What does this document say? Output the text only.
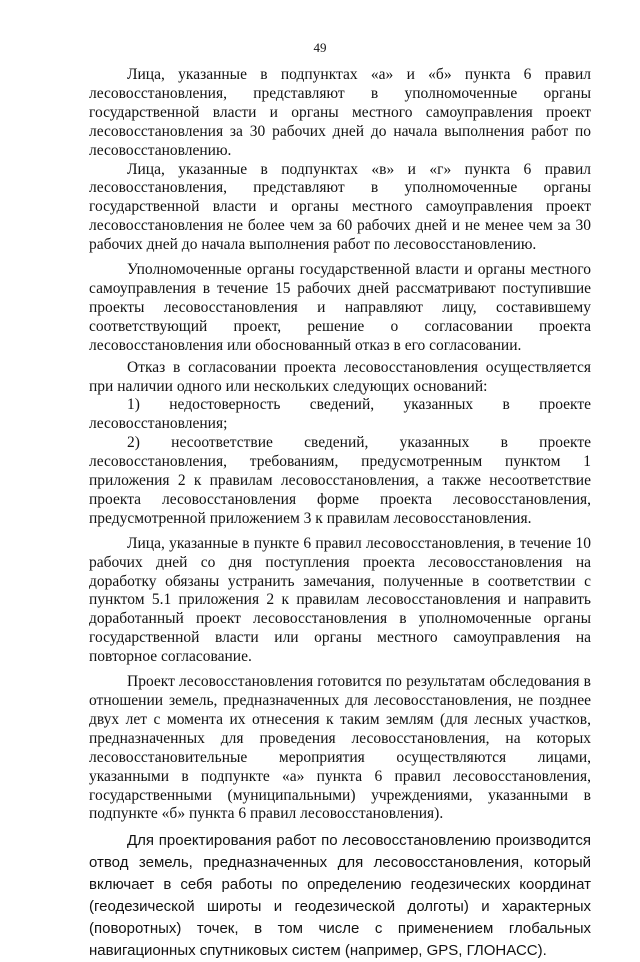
49

Лица, указанные в подпунктах «а» и «б» пункта 6 правил лесовосстановления, представляют в уполномоченные органы государственной власти и органы местного самоуправления проект лесовосстановления за 30 рабочих дней до начала выполнения работ по лесовосстановлению.

Лица, указанные в подпунктах «в» и «г» пункта 6 правил лесовосстановления, представляют в уполномоченные органы государственной власти и органы местного самоуправления проект лесовосстановления не более чем за 60 рабочих дней и не менее чем за 30 рабочих дней до начала выполнения работ по лесовосстановлению.

Уполномоченные органы государственной власти и органы местного самоуправления в течение 15 рабочих дней рассматривают поступившие проекты лесовосстановления и направляют лицу, составившему соответствующий проект, решение о согласовании проекта лесовосстановления или обоснованный отказ в его согласовании.

Отказ в согласовании проекта лесовосстановления осуществляется при наличии одного или нескольких следующих оснований:

1) недостоверность сведений, указанных в проекте лесовосстановления;

2) несоответствие сведений, указанных в проекте лесовосстановления, требованиям, предусмотренным пунктом 1 приложения 2 к правилам лесовосстановления, а также несоответствие проекта лесовосстановления форме проекта лесовосстановления, предусмотренной приложением 3 к правилам лесовосстановления.

Лица, указанные в пункте 6 правил лесовосстановления, в течение 10 рабочих дней со дня поступления проекта лесовосстановления на доработку обязаны устранить замечания, полученные в соответствии с пунктом 5.1 приложения 2 к правилам лесовосстановления и направить доработанный проект лесовосстановления в уполномоченные органы государственной власти или органы местного самоуправления на повторное согласование.

Проект лесовосстановления готовится по результатам обследования в отношении земель, предназначенных для лесовосстановления, не позднее двух лет с момента их отнесения к таким землям (для лесных участков, предназначенных для проведения лесовосстановления, на которых лесовосстановительные мероприятия осуществляются лицами, указанными в подпункте «а» пункта 6 правил лесовосстановления, государственными (муниципальными) учреждениями, указанными в подпункте «б» пункта 6 правил лесовосстановления).

Для проектирования работ по лесовосстановлению производится отвод земель, предназначенных для лесовосстановления, который включает в себя работы по определению геодезических координат (геодезической широты и геодезической долготы) и характерных (поворотных) точек, в том числе с применением глобальных навигационных спутниковых систем (например, GPS, ГЛОНАСС).
